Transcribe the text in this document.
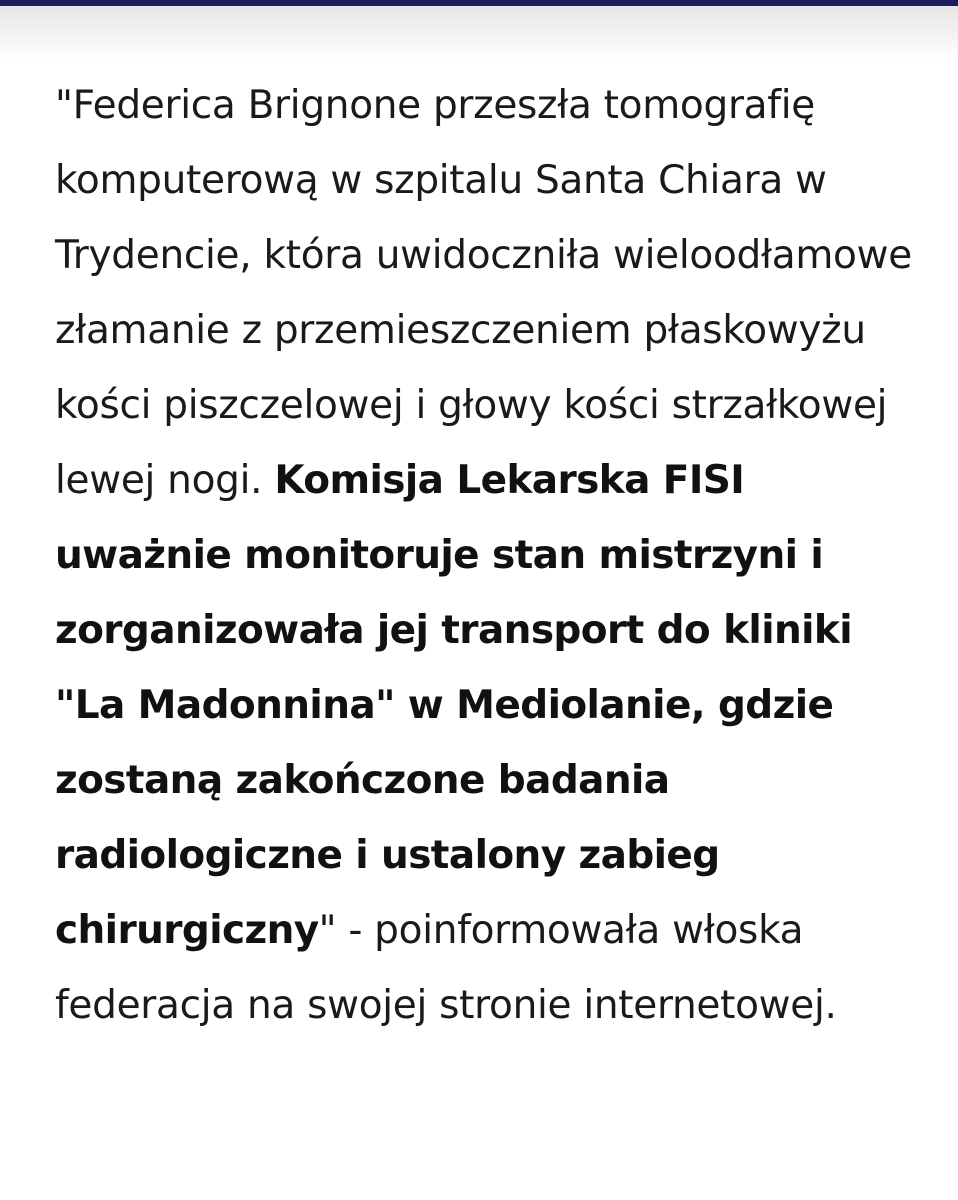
"Federica Brignone przeszła tomografię komputerową w szpitalu Santa Chiara w Trydencie, która uwidoczniła wieloodłamowe złamanie z przemieszczeniem płaskowyżu kości piszczelowej i głowy kości strzałkowej lewej nogi. Komisja Lekarska FISI uważnie monitoruje stan mistrzyni i zorganizowała jej transport do kliniki "La Madonnina" w Mediolanie, gdzie zostaną zakończone badania radiologiczne i ustalony zabieg chirurgiczny" - poinformowała włoska federacja na swojej stronie internetowej.
